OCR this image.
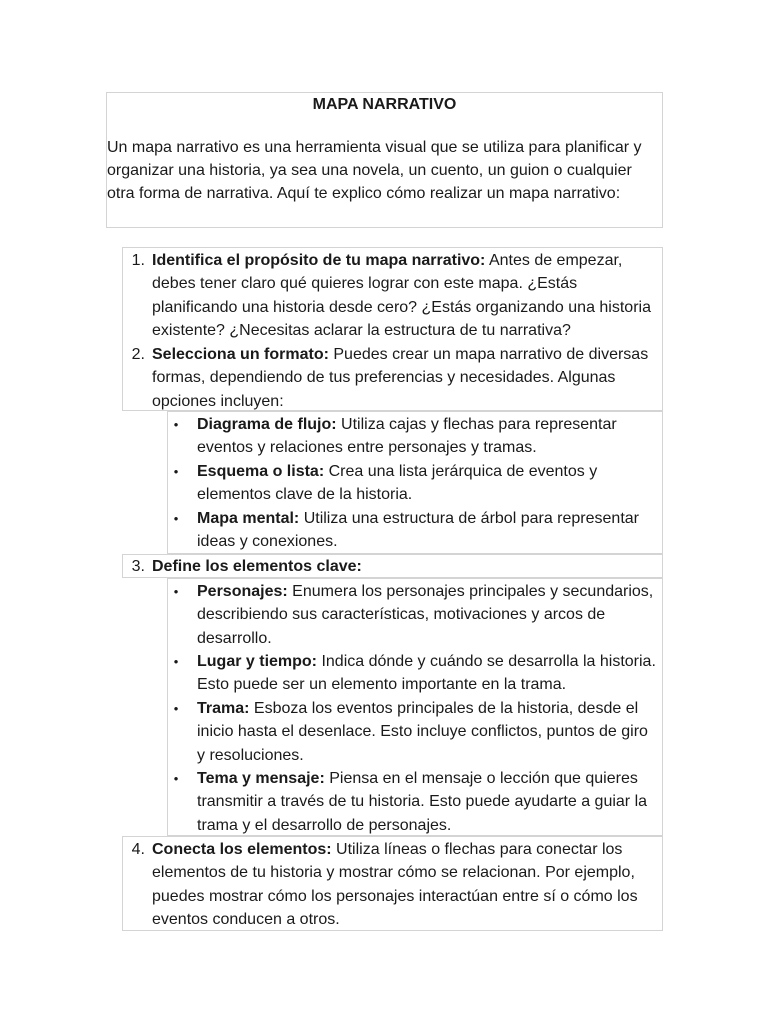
MAPA NARRATIVO
Un mapa narrativo es una herramienta visual que se utiliza para planificar y organizar una historia, ya sea una novela, un cuento, un guion o cualquier otra forma de narrativa. Aquí te explico cómo realizar un mapa narrativo:
1. Identifica el propósito de tu mapa narrativo: Antes de empezar, debes tener claro qué quieres lograr con este mapa. ¿Estás planificando una historia desde cero? ¿Estás organizando una historia existente? ¿Necesitas aclarar la estructura de tu narrativa?
2. Selecciona un formato: Puedes crear un mapa narrativo de diversas formas, dependiendo de tus preferencias y necesidades. Algunas opciones incluyen:
• Diagrama de flujo: Utiliza cajas y flechas para representar eventos y relaciones entre personajes y tramas.
• Esquema o lista: Crea una lista jerárquica de eventos y elementos clave de la historia.
• Mapa mental: Utiliza una estructura de árbol para representar ideas y conexiones.
3. Define los elementos clave:
• Personajes: Enumera los personajes principales y secundarios, describiendo sus características, motivaciones y arcos de desarrollo.
• Lugar y tiempo: Indica dónde y cuándo se desarrolla la historia. Esto puede ser un elemento importante en la trama.
• Trama: Esboza los eventos principales de la historia, desde el inicio hasta el desenlace. Esto incluye conflictos, puntos de giro y resoluciones.
• Tema y mensaje: Piensa en el mensaje o lección que quieres transmitir a través de tu historia. Esto puede ayudarte a guiar la trama y el desarrollo de personajes.
4. Conecta los elementos: Utiliza líneas o flechas para conectar los elementos de tu historia y mostrar cómo se relacionan. Por ejemplo, puedes mostrar cómo los personajes interactúan entre sí o cómo los eventos conducen a otros.
